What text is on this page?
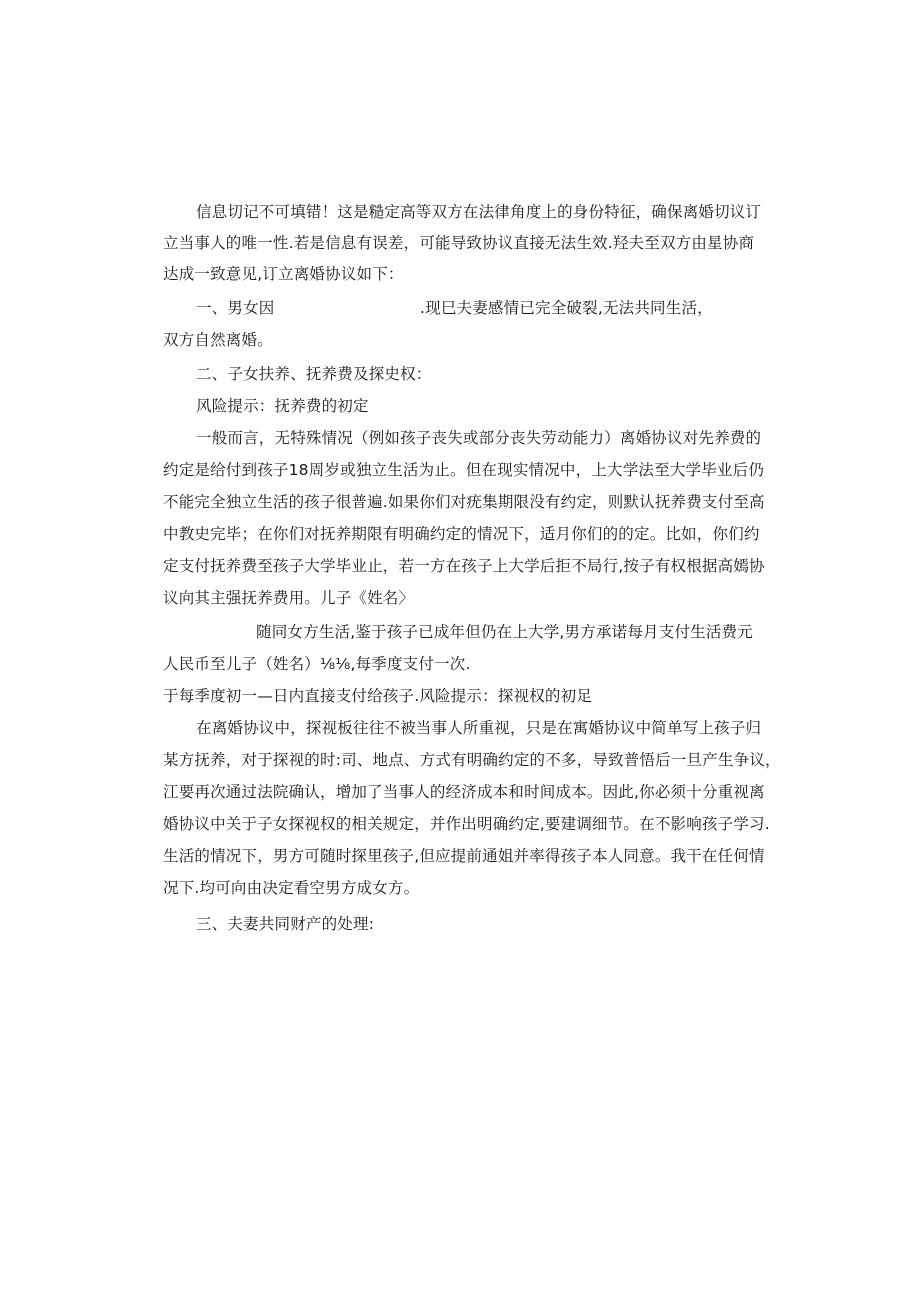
信息切记不可填错！这是糙定高等双方在法律角度上的身份特征，确保离婚切议订
立当事人的唯一性.若是信息有误差，可能导致协议直接无法生效.羟夫至双方由星协商
达成一致意见,订立离婚协议如下：
一、男女因	.现巳夫妻感情已完全破裂,无法共同生活，
双方自然离婚。
二、子女扶养、抚养费及探史权：
风险提示：抚养费的初定
一般而言，无特殊情况（例如孩子丧失或部分丧失劳动能力）离婚协议对先养费的
约定是给付到孩子18周岁或独立生活为止。但在现实情况中，上大学法至大学毕业后仍
不能完全独立生活的孩子很普遍.如果你们对疣集期限没有约定，则默认抚养费支付至高
中教史完毕；在你们对抚养期限有明确约定的情况下，适月你们的的定。比如，你们约
定支付抚养费至孩子大学毕业止，若一方在孩子上大学后拒不局行,按子有权根据高嫣协
议向其主强抚养费用。儿子《姓名〉
随同女方生活,鉴于孩子已成年但仍在上大学,男方承诺每月支付生活费元
人民币至儿子（姓名）⅛⅛,每季度支付一次.
于每季度初一—日内直接支付给孩子.风险提示：探视权的初足
在离婚协议中，探视板往往不被当事人所重视，只是在寓婚协议中简单写上孩子归
某方抚养，对于探视的时:司、地点、方式有明确约定的不多，导致普悟后一旦产生争议，
江要再次通过法院确认，增加了当事人的经济成本和时间成本。因此,你必须十分重视离
婚协议中关于子女探视权的相关规定，并作出明确约定,要建调细节。在不影响孩子学习.
生活的情况下，男方可随时探里孩子,但应提前通姐并率得孩子本人同意。我干在任何情
况下.均可向由决定看空男方成女方。
三、夫妻共同财产的处理:
